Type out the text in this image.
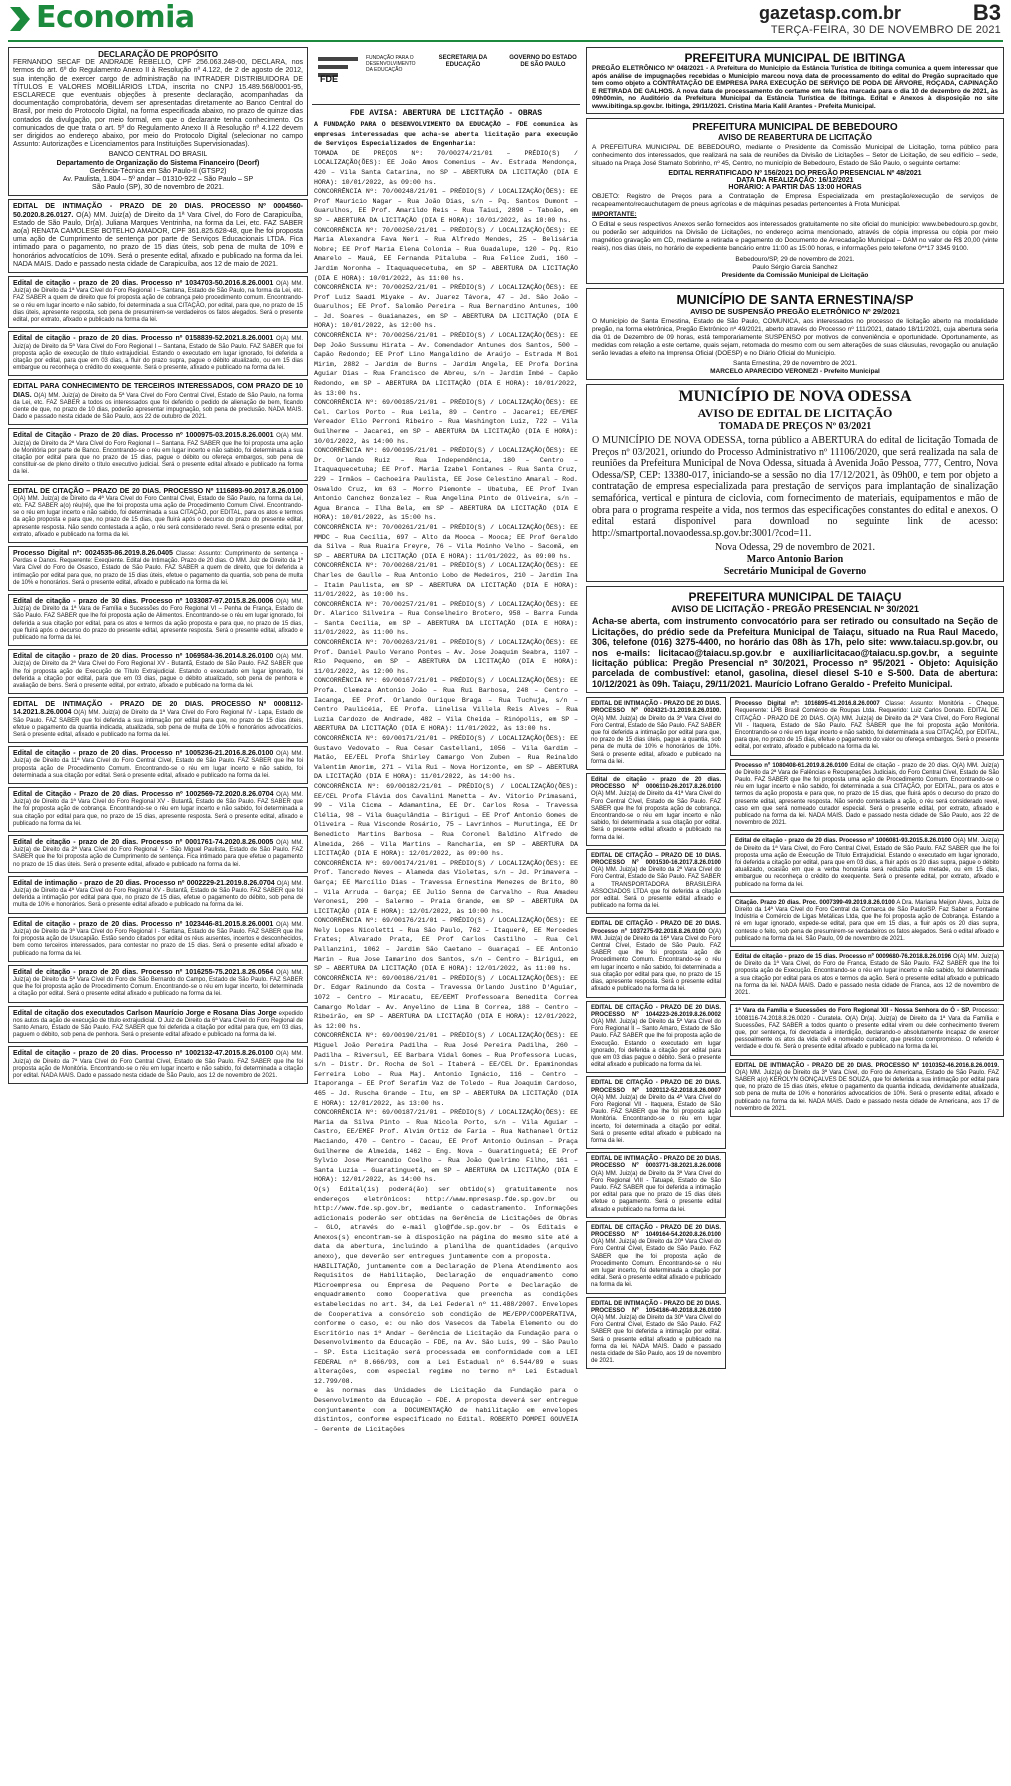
Economia	gazetasp.com.br	B3
TERÇA-FEIRA, 30 DE NOVEMBRO DE 2021
DECLARAÇÃO DE PROPÓSITO
FERNANDO SECAF DE ANDRADE REBELLO, CPF 256.063.248-00, DECLARA, nos termos do art. 6º do Regulamento Anexo II à Resolução nº 4.122, de 2 de agosto de 2012, sua intenção de exercer cargo de administração na INTRADER DISTRIBUIDORA DE TÍTULOS E VALORES MOBILIÁRIOS LTDA, inscrita no CNPJ 15.489.568/0001-95, ESCLARECE que eventuais objeções à presente declaração, acompanhadas da documentação comprobatória, devem ser apresentadas diretamente ao Banco Central do Brasil, por meio do Protocolo Digital, na forma especificada abaixo, no prazo de quinze dias contados da divulgação, por meio formal, em que o declarante tenha conhecimento. Os comunicados de que trata o art. 5º do Regulamento Anexo II à Resolução nº 4.122 devem ser dirigidos ao endereço abaixo, por meio do Protocolo Digital (selecionar no campo Assunto: Autorizações e Licenciamentos para Instituições Supervisionadas).
BANCO CENTRAL DO BRASIL
Departamento de Organização do Sistema Financeiro (Deorf)
Gerência-Técnica em São Paulo-II (GTSP2)
Av. Paulista, 1.804 – 5º andar – 01310-922 – São Paulo – SP
São Paulo (SP), 30 de novembro de 2021.
EDITAL DE INTIMAÇÃO - PRAZO DE 20 DIAS. PROCESSO Nº 0004560-50.2020.8.26.0127. O(A) MM. Juiz(a) de Direito da 1ª Vara Cível, do Foro de Carapicuíba, Estado de São Paulo, Dr(a). Juliana Marques Ventrinha, na forma da Lei, etc. FAZ SABER ao(a) RENATA CAMOLESE BOTELHO AMADOR, CPF 361.825.628-48, que lhe foi proposta uma ação de Cumprimento de sentença por parte de Serviços Educacionais LTDA. Fica intimado para o pagamento, no prazo de 15 dias úteis, sob pena de multa de 10% e honorários advocatícios de 10%. Será o presente edital, afixado e publicado na forma da lei. NADA MAIS. Dado e passado nesta cidade de Carapicuíba, aos 12 de maio de 2021.
Edital de citação - prazo de 20 dias. Processo nº 1034703-50.2016.8.26.0001 O(A) MM. Juiz(a) de Direito da 1ª Vara Cível do Foro Regional I – Santana, Estado de São Paulo, na forma da Lei, etc. FAZ SABER a quem de direito que foi proposta ação de cobrança pelo procedimento comum. Encontrando-se o réu em lugar incerto e não sabido, foi determinada a sua CITAÇÃO, por edital, para que, no prazo de 15 dias úteis, apresente resposta, sob pena de presumirem-se verdadeiros os fatos alegados. Será o presente edital, por extrato, afixado e publicado na forma da lei.
Edital de citação - prazo de 20 dias. Processo nº 0158839-52.2021.8.26.0001 O(A) MM. Juiz(a) de Direito da 5ª Vara Cível do Foro Regional I – Santana, Estado de São Paulo. FAZ SABER que foi proposta ação de execução de título extrajudicial. Estando o executado em lugar ignorado, foi deferida a citação por edital, para que em 03 dias, a fluir do prazo supra, pague o débito atualizado, ou em 15 dias embargue ou reconheça o crédito do exequente. Será o presente, afixado e publicado na forma da lei.
EDITAL PARA CONHECIMENTO DE TERCEIROS INTERESSADOS, COM PRAZO DE 10 DIAS. O(A) MM. Juiz(a) de Direito da 5ª Vara Cível do Foro Central Cível, Estado de São Paulo, na forma da Lei, etc. FAZ SABER a todos os interessados que foi deferido o pedido de alienação de bem, ficando ciente de que, no prazo de 10 dias, poderão apresentar impugnação, sob pena de preclusão. NADA MAIS. Dado e passado nesta cidade de São Paulo, aos 22 de outubro de 2021.
Edital de Citação - Prazo de 20 dias. Processo nº 1000975-03.2015.8.26.0001 O(A) MM. Juiz(a) de Direito da 2ª Vara Cível do Foro Regional I – Santana. FAZ SABER que lhe foi proposta uma ação de Monitória por parte de Banco. Encontrando-se o réu em lugar incerto e não sabido, foi determinada a sua citação por edital para que no prazo de 15 dias, pague o débito ou ofereça embargos, sob pena de constituir-se de pleno direito o título executivo judicial. Será o presente edital afixado e publicado na forma da lei.
EDITAL DE CITAÇÃO – PRAZO DE 20 DIAS. PROCESSO Nº 1116893-90.2017.8.26.0100 O(A) MM. Juiz(a) de Direito da 4ª Vara Cível do Foro Central Cível, Estado de São Paulo, na forma da Lei, etc. FAZ SABER a(o) réu(ré), que lhe foi proposta uma ação de Procedimento Comum Cível. Encontrando-se o réu em lugar incerto e não sabido, foi determinada a sua CITAÇÃO, por EDITAL, para os atos e termos da ação proposta e para que, no prazo de 15 dias, que fluirá após o decurso do prazo do presente edital, apresente resposta. Não sendo contestada a ação, o réu será considerado revel. Será o presente edital, por extrato, afixado e publicado na forma da lei.
Processo Digital nº: 0024535-86.2019.8.26.0405 Classe: Assunto: Cumprimento de sentença - Perdas e Danos. Requerente: Exeqüente. Edital de Intimação. Prazo de 20 dias. O MM. Juiz de Direito da 1ª Vara Cível do Foro de Osasco, Estado de São Paulo. FAZ SABER a quem de direito, que foi deferida a intimação por edital para que, no prazo de 15 dias úteis, efetue o pagamento da quantia, sob pena de multa de 10% e honorários. Será o presente edital, afixado e publicado na forma da lei.
Edital de citação - prazo de 30 dias. Processo nº 1033087-97.2015.8.26.0006 O(A) MM. Juiz(a) de Direito da 1ª Vara de Família e Sucessões do Foro Regional VI – Penha de França, Estado de São Paulo. FAZ SABER que lhe foi proposta ação de Alimentos. Encontrando-se o réu em lugar ignorado, foi deferida a sua citação por edital, para os atos e termos da ação proposta e para que, no prazo de 15 dias, que fluirá após o decurso do prazo do presente edital, apresente resposta. Será o presente edital, afixado e publicado na forma da lei.
Edital de citação - prazo de 20 dias. Processo nº 1069584-36.2014.8.26.0100 O(A) MM. Juiz(a) de Direito da 2ª Vara Cível do Foro Regional XV - Butantã, Estado de São Paulo. FAZ SABER que lhe foi proposta ação de Execução de Título Extrajudicial. Estando o executado em lugar ignorado, foi deferida a citação por edital, para que em 03 dias, pague o débito atualizado, sob pena de penhora e avaliação de bens. Será o presente edital, por extrato, afixado e publicado na forma da lei.
EDITAL DE INTIMAÇÃO - PRAZO DE 20 DIAS. PROCESSO Nº 0008112-14.2021.8.26.0004 O(A) MM. Juiz(a) de Direito da 1ª Vara Cível do Foro Regional IV - Lapa, Estado de São Paulo. FAZ SABER que foi deferida a sua intimação por edital para que, no prazo de 15 dias úteis, efetue o pagamento da quantia indicada, atualizada, sob pena de multa de 10% e honorários advocatícios. Será o presente edital, afixado e publicado na forma da lei.
Edital de citação - prazo de 20 dias. Processo nº 1005236-21.2016.8.26.0100 O(A) MM. Juiz(a) de Direito da 11ª Vara Cível do Foro Central Cível, Estado de São Paulo. FAZ SABER que lhe foi proposta ação de Procedimento Comum. Encontrando-se o réu em lugar incerto e não sabido, foi determinada a sua citação por edital. Será o presente edital, afixado e publicado na forma da lei.
Edital de Citação - Prazo de 20 dias. Processo nº 1002569-72.2020.8.26.0704 O(A) MM. Juiz(a) de Direito da 1ª Vara Cível do Foro Regional XV - Butantã, Estado de São Paulo. FAZ SABER que lhe foi proposta ação de cobrança. Encontrando-se o réu em lugar incerto e não sabido, foi determinada a sua citação por edital para que, no prazo de 15 dias, apresente resposta. Será o presente edital, afixado e publicado na forma da lei.
Edital de citação - prazo de 20 dias. Processo nº 0001761-74.2020.8.26.0005 O(A) MM. Juiz(a) de Direito da 2ª Vara Cível do Foro Regional V - São Miguel Paulista, Estado de São Paulo. FAZ SABER que lhe foi proposta ação de Cumprimento de sentença. Fica intimado para que efetue o pagamento no prazo de 15 dias úteis. Será o presente edital, afixado e publicado na forma da lei.
Edital de intimação - prazo de 20 dias. Processo nº 0002229-21.2019.8.26.0704 O(A) MM. Juiz(a) de Direito da 4ª Vara Cível do Foro Regional XV - Butantã, Estado de São Paulo. FAZ SABER que foi deferida a intimação por edital para que, no prazo de 15 dias, efetue o pagamento do débito, sob pena de multa de 10% e honorários. Será o presente edital afixado e publicado na forma da lei.
Edital de citação - prazo de 20 dias. Processo nº 1023446-81.2015.8.26.0001 O(A) MM. Juiz(a) de Direito da 3ª Vara Cível do Foro Regional I - Santana, Estado de São Paulo. FAZ SABER que lhe foi proposta ação de Usucapião. Estão sendo citados por edital os réus ausentes, incertos e desconhecidos, bem como terceiros interessados, para contestar no prazo de 15 dias. Será o presente edital afixado e publicado na forma da lei.
Edital de citação - prazo de 20 dias. Processo nº 1016255-75.2021.8.26.0564 O(A) MM. Juiz(a) de Direito da 5ª Vara Cível do Foro de São Bernardo do Campo, Estado de São Paulo. FAZ SABER que lhe foi proposta ação de Procedimento Comum. Encontrando-se o réu em lugar incerto, foi determinada a citação por edital. Será o presente edital afixado e publicado na forma da lei.
Edital de citação dos executados Carlson Maurício Jorge e Rosana Dias Jorge expedido nos autos da ação de execução de título extrajudicial. O Juiz de Direito da 6ª Vara Cível do Foro Regional de Santo Amaro, Estado de São Paulo. FAZ SABER que foi deferida a citação por edital para que, em 03 dias, paguem o débito, sob pena de penhora. Será o presente edital afixado e publicado na forma da lei.
Edital de citação - prazo de 20 dias. Processo nº 1002132-47.2015.8.26.0100 O(A) MM. Juiz(a) de Direito da 7ª Vara Cível do Foro Central Cível, Estado de São Paulo. FAZ SABER que lhe foi proposta ação de Monitória. Encontrando-se o réu em lugar incerto e não sabido, foi determinada a citação por edital. NADA MAIS. Dado e passado nesta cidade de São Paulo, aos 12 de novembro de 2021.
FDE
FUNDAÇÃO PARA O DESENVOLVIMENTO DA EDUCAÇÃO
SECRETARIA DA EDUCAÇÃO
GOVERNO DO ESTADO DE SÃO PAULO
FDE AVISA: ABERTURA DE LICITAÇÃO - OBRAS
A FUNDAÇÃO PARA O DESENVOLVIMENTO DA EDUCAÇÃO – FDE comunica às empresas interessadas que acha-se aberta licitação para execução de Serviços Especializados de Engenharia:
TOMADA DE PREÇOS Nº: 70/00274/21/01 – PRÉDIO(S) / LOCALIZAÇÃO(ÕES): EE João Amos Comenius – Av. Estrada Mendonça, 420 – Vila Santa Catarina, no SP – ABERTURA DA LICITAÇÃO (DIA E HORA): 10/01/2022, às 09:00 hs.
CONCORRÊNCIA Nº: 70/00248/21/01 – PRÉDIO(S) / LOCALIZAÇÃO(ÕES): EE Prof Maurício Nagar – Rua João Dias, s/n – Pq. Santos Dumont – Guarulhos, EE Prof. Amarildo Reis – Rua Taiuí, 2898 – Taboão, em SP – ABERTURA DA LICITAÇÃO (DIA E HORA): 10/01/2022, às 10:00 hs.
CONCORRÊNCIA Nº: 70/00250/21/01 – PRÉDIO(S) / LOCALIZAÇÃO(ÕES): EE Maria Alexandra Fava Neri – Rua Alfredo Mendes, 25 – Belisária Nobre; EE Prof Maria Elena Colonia – Rua Guadalupe, 120 – Pq. Rio Amarelo – Mauá, EE Fernanda Pitaluba – Rua Felice Zudi, 160 – Jardim Noronha – Itaquaquecetuba, em SP – ABERTURA DA LICITAÇÃO (DIA E HORA): 10/01/2022, às 11:00 hs.
CONCORRÊNCIA Nº: 70/00252/21/01 – PRÉDIO(S) / LOCALIZAÇÃO(ÕES): EE Prof Luiz Saadi Miyake – Av. Juarez Távora, 47 – Jd. São João – Guarulhos; EE Prof. Salomão Pereira – Rua Bernardino Antunes, 100 – Jd. Soares – Guaianazes, em SP – ABERTURA DA LICITAÇÃO (DIA E HORA): 10/01/2022, às 12:00 hs.
CONCORRÊNCIA Nº: 70/00256/21/01 – PRÉDIO(S) / LOCALIZAÇÃO(ÕES): EE Dep João Sussumu Hirata – Av. Comendador Antunes dos Santos, 500 – Capão Redondo; EE Prof Lino Mangaldino de Araújo – Estrada M Boi Mirim, 2882 – Jardim de Burns – Jardim Angela, EE Profa Dorina Aguiar Dias – Rua Francisco de Abreu, s/n – Jardim Imbé – Capão Redondo, em SP – ABERTURA DA LICITAÇÃO (DIA E HORA): 10/01/2022, às 13:00 hs.
CONCORRÊNCIA Nº: 69/00185/21/01 – PRÉDIO(S) / LOCALIZAÇÃO(ÕES): EE Cel. Carlos Porto – Rua Leila, 89 – Centro – Jacareí; EE/EMEF Vereador Elio Perroni Ribeiro – Rua Washington Luiz, 722 – Vila Guilherme – Jacareí, em SP – ABERTURA DA LICITAÇÃO (DIA E HORA): 10/01/2022, às 14:00 hs.
CONCORRÊNCIA Nº: 69/00195/21/01 – PRÉDIO(S) / LOCALIZAÇÃO(ÕES): EE Dr. Orlando Ruiz – Rua Independência, 180 – Centro – Itaquaquecetuba; EE Prof. Maria Izabel Fontanes – Rua Santa Cruz, 229 – Irmãos – Cachoeira Paulista, EE Jose Celestino Amaral – Rod. Oswaldo Cruz, km 63 – Morro Piemonte – Ubatuba, EE Prof Ivan Antonio Canchez Gonzalez – Rua Angelina Pinto de Oliveira, s/n – Agua Branca – Ilha Bela, em SP – ABERTURA DA LICITAÇÃO (DIA E HORA): 10/01/2022, às 15:00 hs.
CONCORRÊNCIA Nº: 70/00261/21/01 – PRÉDIO(S) / LOCALIZAÇÃO(ÕES): EE MMDC – Rua Cecília, 697 – Alto da Mooca – Mooca; EE Prof Geraldo da Silva – Rua Ruaira Freyre, 76 – Vila Moinho Velho – Sacomã, em SP – ABERTURA DA LICITAÇÃO (DIA E HORA): 11/01/2022, às 09:00 hs.
CONCORRÊNCIA Nº: 70/00268/21/01 – PRÉDIO(S) / LOCALIZAÇÃO(ÕES): EE Charles de Gaulle – Rua Antonio Lobo de Medeiros, 210 – Jardim Ina – Itaim Paulista, em SP – ABERTURA DA LICITAÇÃO (DIA E HORA): 11/01/2022, às 10:00 hs.
CONCORRÊNCIA Nº: 70/00257/21/01 – PRÉDIO(S) / LOCALIZAÇÃO(ÕES): EE Dr. Alarico Silveira – Rua Conselheiro Brotero, 958 – Barra Funda – Santa Cecília, em SP – ABERTURA DA LICITAÇÃO (DIA E HORA): 11/01/2022, às 11:00 hs.
CONCORRÊNCIA Nº: 70/00263/21/01 – PRÉDIO(S) / LOCALIZAÇÃO(ÕES): EE Prof. Daniel Paulo Verano Pontes – Av. Jose Joaquim Seabra, 1107 – Rio Pequeno, em SP – ABERTURA DA LICITAÇÃO (DIA E HORA): 11/01/2022, às 12:00 hs.
CONCORRÊNCIA Nº: 69/00167/21/01 – PRÉDIO(S) / LOCALIZAÇÃO(ÕES): EE Profa. Clemeza Antonio João – Rua Rui Barbosa, 248 – Centro – Iacanga, EE Prof. Orlando Ourique Braga – Rua Tuchuja, s/n – Centro Paulicéia, EE Profa. Linelisa Villela Reis Alves – Rua Luzia Cardozo de Andrade, 482 – Vila Cheida – Rinópolis, em SP – ABERTURA DA LICITAÇÃO (DIA E HORA): 11/01/2022, às 13:00 hs.
CONCORRÊNCIA Nº: 69/00171/21/01 – PRÉDIO(S) / LOCALIZAÇÃO(ÕES): EE Gustavo Vedovato – Rua Cesar Castellani, 1056 – Vila Gardim – Matão, EE/EEL Profa Shirley Camargo Von Zuben – Rua Reinaldo Valentim Amorim, 271 – Vila Rui – Nova Horizonte, em SP – ABERTURA DA LICITAÇÃO (DIA E HORA): 11/01/2022, às 14:00 hs.
CONCORRÊNCIA Nº: 69/00182/21/01 – PRÉDIO(S) / LOCALIZAÇÃO(ÕES): EE/CEL Profa Flávia dos Cavalini Manetta – Av. Vitorio Primasani, 99 – Vila Cicma – Adamantina, EE Dr. Carlos Rosa – Travessa Clélia, 98 – Vila Guaçulândia – Birigui – EE Prof Antonio Gomes de Oliveira – Rua Visconde Rosário, 75 – Lavrinhos – Murutinga, EE Dr Benedicto Martins Barbosa – Rua Coronel Baldino Alfredo de Almeida, 266 – Vila Martins – Rancharia, em SP – ABERTURA DA LICITAÇÃO (DIA E HORA): 12/01/2022, às 09:00 hs.
CONCORRÊNCIA Nº: 69/00174/21/01 – PRÉDIO(S) / LOCALIZAÇÃO(ÕES): EE Prof. Tancredo Neves – Alameda das Violetas, s/n – Jd. Primavera – Garça; EE Marcílio Dias – Travessa Ernestina Menezes de Brito, 80 – Vila Arruda – Garça; EE Julio Senna de Carvalho – Rua Amadeu Veronesi, 290 – Salermo – Praia Grande, em SP – ABERTURA DA LICITAÇÃO (DIA E HORA): 12/01/2022, às 10:00 hs.
CONCORRÊNCIA Nº: 69/00176/21/01 – PRÉDIO(S) / LOCALIZAÇÃO(ÕES): EE Nely Lopes Nicoletti – Rua São Paulo, 762 – Itaquerê, EE Mercedes Frates; Alvarado Prata, EE Prof Carlos Castilho – Rua Cel Pallanzini, 1062 – Jardim São Caetano – Guaraçaí – EE Antonio Marin – Rua Jose Iamarino dos Santos, s/n – Centro – Birigui, em SP – ABERTURA DA LICITAÇÃO (DIA E HORA): 12/01/2022, às 11:00 hs.
CONCORRÊNCIA Nº: 69/00186/21/01 – PRÉDIO(S) / LOCALIZAÇÃO(ÕES): EE Dr. Edgar Rainundo da Costa – Travessa Orlando Justino D'Aguiar, 1072 – Centro – Miracatu, EE/EEMT Professoara Benedita Correa Camargo Moldar – Av. Anyelino de Lima B Correa, 188 – Centro – Ribeirão, em SP – ABERTURA DA LICITAÇÃO (DIA E HORA): 12/01/2022, às 12:00 hs.
CONCORRÊNCIA Nº: 69/00190/21/01 – PRÉDIO(S) / LOCALIZAÇÃO(ÕES): EE Miguel João Pereira Padilha – Rua José Pereira Padilha, 260 – Padilha – Riversul, EE Barbara Vidal Gomes – Rua Professora Lucas, s/n – Distr. Dr. Rocha de Sol – Itaberá – EE/CEL Dr. Epaminondas Ferreira Lobo – Rua Maj. Antonio Ignácio, 116 – Centro – Itaporanga – EE Prof Serafim Vaz de Toledo – Rua Joaquim Cardoso, 465 – Jd. Ruscha Grande – Itu, em SP – ABERTURA DA LICITAÇÃO (DIA E HORA): 12/01/2022, às 13:00 hs.
CONCORRÊNCIA Nº: 69/00187/21/01 – PRÉDIO(S) / LOCALIZAÇÃO(ÕES): EE Maria da Silva Pinto – Rua Nicola Porto, s/n – Vila Aguiar – Castro, EE/EMEF Prof. Alvim Ortiz de Faria – Rua Nathanael Ortiz Maciando, 470 – Centro – Cacau, EE Prof Antonio Ouinsan – Praça Guilherme de Almeida, 1462 – Eng. Nova – Guaratinguetá; EE Prof Sylvio Jose Mercandio Coelho – Rua João Quelrimo Filho, 161 – Santa Luzia – Guaratinguetá, em SP – ABERTURA DA LICITAÇÃO (DIA E HORA): 12/01/2022, às 14:00 hs.
O(s) Edital(is) poderá(ão) ser obtido(s) gratuitamente nos endereços eletrônicos: http://www.mpresasp.fde.sp.gov.br ou http://www.fde.sp.gov.br, mediante o cadastramento. Informações adicionais poderão ser obtidas na Gerência de Licitações de Obras – GLO, através do e-mail glo@fde.sp.gov.br – Os Editais e Anexos(s) encontram-se à disposição na página do mesmo site até a data da abertura, incluindo a planilha de quantidades (arquivo anexo), que deverão ser entregues juntamente com a proposta.
HABILITAÇÃO, juntamente com a Declaração de Plena Atendimento aos Requisitos de Habilitação, Declaração de enquadramento como Microempresa ou Empresa de Pequeno Porte e Declaração de enquadramento como Cooperativa que preencha as condições estabelecidas no art. 34, da Lei Federal nº 11.488/2007. Envelopes de Cooperativa a consórcio sob condição de ME/EPP/COOPERATIVA, conforme o caso, e: ou não dos Vasecos da Tabela Elemento ou do Escritório nas 1º Andar – Gerência de Licitação da Fundação para o Desenvolvimento da Educação – FDE, na Av. São Luís, 99 – São Paulo – SP. Esta Licitação será processada em conformidade com a LEI FEDERAL nº 8.666/93, com a Lei Estadual nº 6.544/89 e suas alterações, com especial regime no termo nº Lei Estadual 12.799/08.
e às normas das Unidades de Licitação da Fundação para o Desenvolvimento da Educação – FDE. A proposta deverá ser entregue conjuntamente com a DOCUMENTAÇÃO de habilitação em envelopes distintos, conforme especificado no Edital. ROBERTO POMPEI GOUVEIA – Gerente de Licitações
PREFEITURA MUNICIPAL DE IBITINGA
PREGÃO ELETRÔNICO Nº 048/2021 - A Prefeitura do Município da Estância Turística de Ibitinga comunica a quem interessar que após análise de impugnações recebidas o Município marcou nova data de processamento do edital do Pregão supracitado que tem como objeto a CONTRATAÇÃO DE EMPRESA PARA EXECUÇÃO DE SERVIÇO DE PODA DE ÁRVORE, ROÇADA, CAPINAÇÃO E RETIRADA DE GALHOS. A nova data de processamento do certame em tela fica marcada para o dia 10 de dezembro de 2021, às 09h00min, no Auditório da Prefeitura Municipal da Estância Turística de Ibitinga. Edital e Anexos à disposição no site www.ibitinga.sp.gov.br. Ibitinga, 29/11/2021. Cristina Maria Kalil Arantes - Prefeita Municipal.
PREFEITURA MUNICIPAL DE BEBEDOURO
AVISO DE REABERTURA DE LICITAÇÃO
A PREFEITURA MUNICIPAL DE BEBEDOURO, mediante o Presidente da Comissão Municipal de Licitação, torna público para conhecimento dos interessados, que realizará na sala de reuniões da Divisão de Licitações – Setor de Licitação, de seu edifício – sede, situado na Praça José Stamato Sobrinho, nº 45, Centro, no município de Bebedouro, Estado de São Paulo, o seguinte certame:
EDITAL RERRATIFICADO Nº 156/2021 DO PREGÃO PRESENCIAL Nº 48/2021
DATA DA REALIZAÇÃO: 16/12/2021
HORÁRIO: A PARTIR DAS 13:00 HORAS
OBJETO: Registro de Preços para a Contratação de Empresa Especializada em prestação/execução de serviços de recapeamento/recauchutagem de pneus agrícolas e de máquinas pesadas pertencentes à Frota Municipal.
IMPORTANTE:
O Edital e seus respectivos Anexos serão fornecidos aos interessados gratuitamente no site oficial do município: www.bebedouro.sp.gov.br, ou poderão ser adquiridos na Divisão de Licitações, no endereço acima mencionado, através de cópia impressa ou cópia por meio magnético gravação em CD, mediante a retirada e pagamento do Documento de Arrecadação Municipal – DAM no valor de R$ 20,00 (vinte reais), nos dias úteis, no horário de expediente bancário entre 11:00 as 15:00 horas, e informações pelo telefone 0**17 3345 9100.
Bebedouro/SP, 29 de novembro de 2021.
Paulo Sérgio Garcia Sanchez
Presidente da Comissão Municipal de Licitação
MUNICÍPIO DE SANTA ERNESTINA/SP
AVISO DE SUSPENSÃO PREGÃO ELETRÔNICO Nº 29/2021
O Município de Santa Ernestina, Estado de São Paulo, COMUNICA, aos interessados no processo de licitação aberto na modalidade pregão, na forma eletrônica, Pregão Eletrônico nº 49/2021, aberto através do Processo nº 111/2021, datado 18/11/2021, cuja abertura seria dia 01 de Dezembro de 09 horas, está temporariamente SUSPENSO por motivos de conveniência e oportunidade. Oportunamente, as medidas com relação a este certame, quais sejam, retomada do mesmo com ou sem alterações de suas cláusulas, revogação ou anulação serão levadas a efeito na Imprensa Oficial (DOESP) e no Diário Oficial do Município.
Santa Ernestina, 29 de novembro de 2021.
MARCELO APARECIDO VERONEZI - Prefeito Municipal
MUNICÍPIO DE NOVA ODESSA
AVISO DE EDITAL DE LICITAÇÃO
TOMADA DE PREÇOS Nº 03/2021
O MUNICÍPIO DE NOVA ODESSA, torna público a ABERTURA do edital de licitação Tomada de Preços nº 03/2021, oriundo do Processo Administrativo nº 11106/2020, que será realizada na sala de reuniões da Prefeitura Municipal de Nova Odessa, situada à Avenida João Pessoa, 777, Centro, Nova Odessa/SP, CEP: 13380-017, iniciando-se a sessão no dia 17/12/2021, às 09h00, e tem por objeto a contratação de empresa especializada para prestação de serviços para implantação de sinalização semafórica, vertical e pintura de ciclovia, com fornecimento de materiais, equipamentos e mão de obra para o programa respeite a vida, nos termos das especificações constantes do edital e anexos. O edital estará disponível para download no seguinte link de acesso: http://smartportal.novaodessa.sp.gov.br:3001/?cod=11.
Nova Odessa, 29 de novembro de 2021.
Marco Antonio Barion
Secretário Municipal de Governo
PREFEITURA MUNICIPAL DE TAIAÇU
AVISO DE LICITAÇÃO - PREGÃO PRESENCIAL Nº 30/2021
Acha-se aberta, com instrumento convocatório para ser retirado ou consultado na Seção de Licitações, do prédio sede da Prefeitura Municipal de Taiaçu, situado na Rua Raul Macedo, 306, telefone (016) 3275-4400, no horário das 08h às 17h, pelo site: www.taiacu.sp.gov.br, ou nos e-mails: licitacao@taiacu.sp.gov.br e auxiliarlicitacao@taiacu.sp.gov.br, a seguinte licitação pública: Pregão Presencial nº 30/2021, Processo nº 95/2021 - Objeto: Aquisição parcelada de combustível: etanol, gasolina, diesel diesel S-10 e S-500. Data de abertura: 10/12/2021 às 09h. Taiaçu, 29/11/2021. Maurício Lofrano Geraldo - Prefeito Municipal.
EDITAL DE INTIMAÇÃO - PRAZO DE 20 DIAS. PROCESSO Nº 0024321-31.2019.8.26.0100. O(A) MM. Juiz(a) de Direito da 3ª Vara Cível do Foro Central, Estado de São Paulo. FAZ SABER que foi deferida a intimação por edital para que, no prazo de 15 dias úteis, pague a quantia, sob pena de multa de 10% e honorários de 10%. Será o presente edital, afixado e publicado na forma da lei.
Edital de citação - prazo de 20 dias. PROCESSO Nº 0006110-26.2017.8.26.0100 O(A) MM. Juiz(a) de Direito da 41ª Vara Cível do Foro Central Cível, Estado de São Paulo. FAZ SABER que lhe foi proposta ação de cobrança. Encontrando-se o réu em lugar incerto e não sabido, foi determinada a sua citação por edital. Será o presente edital afixado e publicado na forma da lei.
EDITAL DE CITAÇÃO – PRAZO DE 10 DIAS. PROCESSO Nº 0001530-16.2017.8.26.0100 O(A) MM. Juiz(a) de Direito da 2ª Vara Cível do Foro Central, Estado de São Paulo. FAZ SABER a TRANSPORTADORA BRASILEIRA ASSOCIADOS LTDA que foi deferida a citação por edital. Será o presente edital afixado e publicado na forma da lei.
EDITAL DE CITAÇÃO - PRAZO DE 20 DIAS. Processo nº 1037275-92.2018.8.26.0100 O(A) MM. Juiz(a) de Direito da 16ª Vara Cível do Foro Central Cível, Estado de São Paulo. FAZ SABER que lhe foi proposta ação de Procedimento Comum. Encontrando-se o réu em lugar incerto e não sabido, foi determinada a sua citação por edital para que, no prazo de 15 dias, apresente resposta. Será o presente edital afixado e publicado na forma da lei.
EDITAL DE CITAÇÃO - PRAZO DE 20 DIAS. PROCESSO Nº 1044223-26.2019.8.26.0002 O(A) MM. Juiz(a) de Direito da 5ª Vara Cível do Foro Regional II – Santo Amaro, Estado de São Paulo. FAZ SABER que lhe foi proposta ação de Execução. Estando o executado em lugar ignorado, foi deferida a citação por edital para que em 03 dias pague o débito. Será o presente edital afixado e publicado na forma da lei.
EDITAL DE CITAÇÃO - PRAZO DE 20 DIAS. PROCESSO Nº 1020112-52.2018.8.26.0007 O(A) MM. Juiz(a) de Direito da 4ª Vara Cível do Foro Regional VII - Itaquera, Estado de São Paulo. FAZ SABER que lhe foi proposta ação Monitória. Encontrando-se o réu em lugar incerto, foi determinada a citação por edital. Será o presente edital afixado e publicado na forma da lei.
EDITAL DE INTIMAÇÃO - PRAZO DE 20 DIAS. PROCESSO Nº 0003771-38.2021.8.26.0008 O(A) MM. Juiz(a) de Direito da 3ª Vara Cível do Foro Regional VIII - Tatuapé, Estado de São Paulo. FAZ SABER que foi deferida a intimação por edital para que no prazo de 15 dias úteis efetue o pagamento. Será o presente edital afixado e publicado na forma da lei.
EDITAL DE CITAÇÃO - PRAZO DE 20 DIAS. PROCESSO Nº 1049164-54.2020.8.26.0100 O(A) MM. Juiz(a) de Direito da 20ª Vara Cível do Foro Central Cível, Estado de São Paulo. FAZ SABER que lhe foi proposta ação de Procedimento Comum. Encontrando-se o réu em lugar incerto, foi determinada a citação por edital. Será o presente edital afixado e publicado na forma da lei.
EDITAL DE INTIMAÇÃO - PRAZO DE 20 DIAS. PROCESSO Nº 1054186-40.2018.8.26.0100 O(A) MM. Juiz(a) de Direito da 30ª Vara Cível do Foro Central Cível, Estado de São Paulo. FAZ SABER que foi deferida a intimação por edital. Será o presente edital afixado e publicado na forma da lei. NADA MAIS. Dado e passado nesta cidade de São Paulo, aos 19 de novembro de 2021.
Processo Digital nº: 1016895-41.2016.8.26.0007 Classe: Assunto: Monitória - Cheque. Requerente: LPB Brasil Comércio de Roupas Ltda. Requerido: Luiz Carlos Donato. EDITAL DE CITAÇÃO - PRAZO DE 20 DIAS. O(A) MM. Juiz(a) de Direito da 2ª Vara Cível, do Foro Regional VII - Itaquera, Estado de São Paulo. FAZ SABER que lhe foi proposta ação Monitória. Encontrando-se o réu em lugar incerto e não sabido, foi determinada a sua CITAÇÃO, por EDITAL, para que, no prazo de 15 dias, efetue o pagamento do valor ou ofereça embargos. Será o presente edital, por extrato, afixado e publicado na forma da lei.
Processo nº 1080408-61.2019.8.26.0100 Edital de citação - prazo de 20 dias. O(A) MM. Juiz(a) de Direito da 2ª Vara de Falências e Recuperações Judiciais, do Foro Central Cível, Estado de São Paulo. FAZ SABER que lhe foi proposta uma ação de Procedimento Comum. Encontrando-se o réu em lugar incerto e não sabido, foi determinada a sua CITAÇÃO, por EDITAL, para os atos e termos da ação proposta e para que, no prazo de 15 dias, que fluirá após o decurso do prazo do presente edital, apresente resposta. Não sendo contestada a ação, o réu será considerado revel, caso em que será nomeado curador especial. Será o presente edital, por extrato, afixado e publicado na forma da lei. NADA MAIS. Dado e passado nesta cidade de São Paulo, aos 22 de novembro de 2021.
Edital de citação - prazo de 20 dias. Processo nº 1006081-93.2015.8.26.0100 O(A) MM. Juiz(a) de Direito da 1ª Vara Cível, do Foro Central Cível, Estado de São Paulo. FAZ SABER que lhe foi proposta uma ação de Execução de Título Extrajudicial. Estando o executado em lugar ignorado, foi deferida a citação por edital, para que em 03 dias, a fluir após os 20 dias supra, pague o débito atualizado, ocasião em que a verba honorária será reduzida pela metade, ou em 15 dias, embargue ou reconheça o crédito do exequente. Será o presente edital, por extrato, afixado e publicado na forma da lei.
Citação. Prazo 20 dias. Proc. 0007399-49.2019.8.26.0100 A Dra. Mariana Meijon Alves, Juíza de Direito da 14ª Vara Cível do Foro Central da Comarca de São Paulo/SP. Faz Saber a Fontaine Indústria e Comércio de Ligas Metálicas Ltda, que lhe foi proposta ação de Cobrança. Estando a ré em lugar ignorado, expede-se edital, para que em 15 dias, a fluir após os 20 dias supra, conteste o feito, sob pena de presumirem-se verdadeiros os fatos alegados. Será o edital afixado e publicado na forma da lei. São Paulo, 09 de novembro de 2021.
Edital de citação - prazo de 15 dias. Processo nº 0009680-76.2018.8.26.0196 O(A) MM. Juiz(a) de Direito da 1ª Vara Cível, do Foro de Franca, Estado de São Paulo. FAZ SABER que lhe foi proposta ação de Execução. Encontrando-se o réu em lugar incerto e não sabido, foi determinada a sua citação por edital para os atos e termos da ação. Será o presente edital afixado e publicado na forma da lei. NADA MAIS. Dado e passado nesta cidade de Franca, aos 12 de novembro de 2021.
1ª Vara da Família e Sucessões do Foro Regional XII - Nossa Senhora do Ó - SP. Processo: 1008116-74.2018.8.26.0020 - Curatela. O(A) Dr(a). Juiz(a) de Direito da 1ª Vara da Família e Sucessões, FAZ SABER a todos quanto o presente edital virem ou dele conhecimento tiverem que, por sentença, foi decretada a interdição, declarando-o absolutamente incapaz de exercer pessoalmente os atos da vida civil e nomeado curador, que prestou compromisso. O referido é verdade e dou fé. Será o presente edital afixado e publicado na forma da lei.
EDITAL DE INTIMAÇÃO - PRAZO DE 20 DIAS. PROCESSO Nº 1010352-46.2016.8.26.0019. O(A) MM. Juiz(a) de Direito da 3ª Vara Cível, do Foro de Americana, Estado de São Paulo. FAZ SABER a(o) KEROLYN GONÇALVES DE SOUZA, que foi deferida a sua intimação por edital para que, no prazo de 15 dias úteis, efetue o pagamento da quantia indicada, devidamente atualizada, sob pena de multa de 10% e honorários advocatícios de 10%. Será o presente edital, afixado e publicado na forma da lei. NADA MAIS. Dado e passado nesta cidade de Americana, aos 17 de novembro de 2021.
